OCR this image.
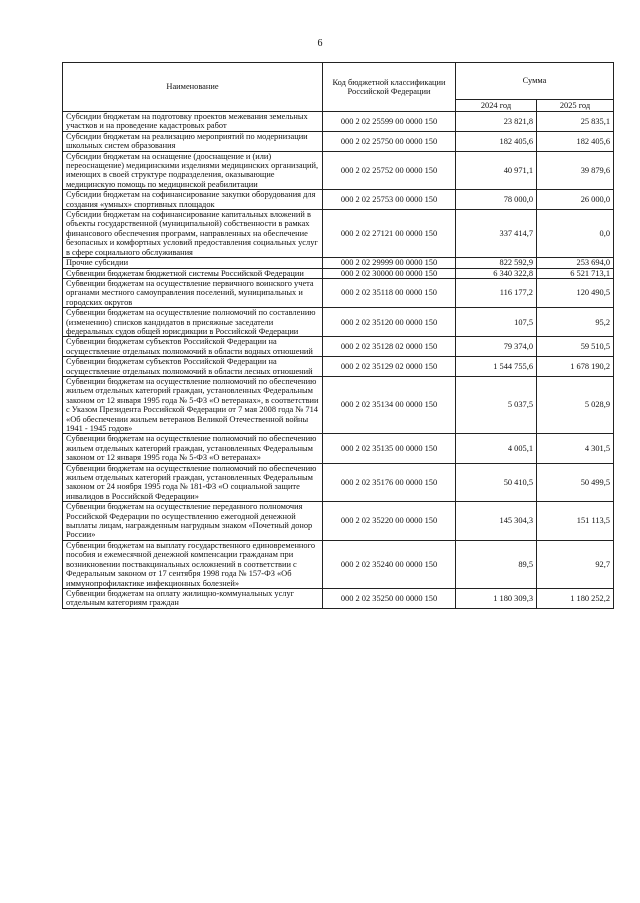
6
Наименование	Код бюджетной классификации Российской Федерации	Сумма	
		2024 год	2025 год
Субсидии бюджетам на подготовку проектов межевания земельных участков и на проведение кадастровых работ	000 2 02 25599 00 0000 150	23 821,8	25 835,1
Субсидии бюджетам на реализацию мероприятий по модернизации школьных систем образования	000 2 02 25750 00 0000 150	182 405,6	182 405,6
Субсидии бюджетам на оснащение (дооснащение и (или) переоснащение) медицинскими изделиями медицинских организаций, имеющих в своей структуре подразделения, оказывающие медицинскую помощь по медицинской реабилитации	000 2 02 25752 00 0000 150	40 971,1	39 879,6
Субсидии бюджетам на софинансирование закупки оборудования для создания «умных» спортивных площадок	000 2 02 25753 00 0000 150	78 000,0	26 000,0
Субсидии бюджетам на софинансирование капитальных вложений в объекты государственной (муниципальной) собственности в рамках финансового обеспечения программ, направленных на обеспечение безопасных и комфортных условий предоставления социальных услуг в сфере социального обслуживания	000 2 02 27121 00 0000 150	337 414,7	0,0
Прочие субсидии	000 2 02 29999 00 0000 150	822 592,9	253 694,0
Субвенции бюджетам бюджетной системы Российской Федерации	000 2 02 30000 00 0000 150	6 340 322,8	6 521 713,1
Субвенции бюджетам на осуществление первичного воинского учета органами местного самоуправления поселений, муниципальных и городских округов	000 2 02 35118 00 0000 150	116 177,2	120 490,5
Субвенции бюджетам на осуществление полномочий по составлению (изменению) списков кандидатов в присяжные заседатели федеральных судов общей юрисдикции в Российской Федерации	000 2 02 35120 00 0000 150	107,5	95,2
Субвенции бюджетам субъектов Российской Федерации на осуществление отдельных полномочий в области водных отношений	000 2 02 35128 02 0000 150	79 374,0	59 510,5
Субвенции бюджетам субъектов Российской Федерации на осуществление отдельных полномочий в области лесных отношений	000 2 02 35129 02 0000 150	1 544 755,6	1 678 190,2
Субвенции бюджетам на осуществление полномочий по обеспечению жильем отдельных категорий граждан, установленных Федеральным законом от 12 января 1995 года № 5-ФЗ «О ветеранах», в соответствии с Указом Президента Российской Федерации от 7 мая 2008 года № 714 «Об обеспечении жильем ветеранов Великой Отечественной войны 1941 - 1945 годов»	000 2 02 35134 00 0000 150	5 037,5	5 028,9
Субвенции бюджетам на осуществление полномочий по обеспечению жильем отдельных категорий граждан, установленных Федеральным законом от 12 января 1995 года № 5-ФЗ «О ветеранах»	000 2 02 35135 00 0000 150	4 005,1	4 301,5
Субвенции бюджетам на осуществление полномочий по обеспечению жильем отдельных категорий граждан, установленных Федеральным законом от 24 ноября 1995 года № 181-ФЗ «О социальной защите инвалидов в Российской Федерации»	000 2 02 35176 00 0000 150	50 410,5	50 499,5
Субвенции бюджетам на осуществление переданного полномочия Российской Федерации по осуществлению ежегодной денежной выплаты лицам, награжденным нагрудным знаком «Почетный донор России»	000 2 02 35220 00 0000 150	145 304,3	151 113,5
Субвенции бюджетам на выплату государственного единовременного пособия и ежемесячной денежной компенсации гражданам при возникновении поствакцинальных осложнений в соответствии с Федеральным законом от 17 сентября 1998 года № 157-ФЗ «Об иммунопрофилактике инфекционных болезней»	000 2 02 35240 00 0000 150	89,5	92,7
Субвенции бюджетам на оплату жилищно-коммунальных услуг отдельным категориям граждан	000 2 02 35250 00 0000 150	1 180 309,3	1 180 252,2
